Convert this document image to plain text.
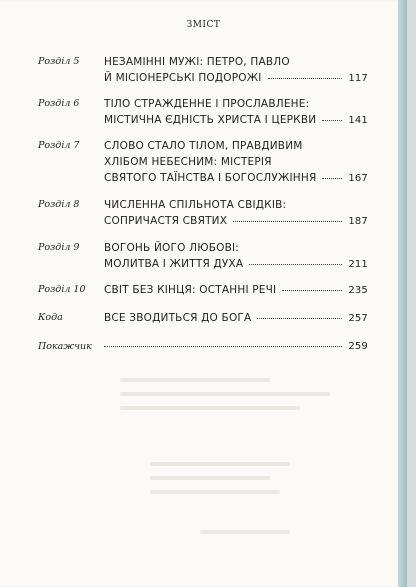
ЗМІСТ
Розділ 5 НЕЗАМІННІ МУЖІ: ПЕТРО, ПАВЛО
Й МІСІОНЕРСЬКІ ПОДОРОЖІ	117
Розділ 6 ТІЛО СТРАЖДЕННЕ І ПРОСЛАВЛЕНЕ:
МІСТИЧНА ЄДНІСТЬ ХРИСТА І ЦЕРКВИ	141
Розділ 7 СЛОВО СТАЛО ТІЛОМ, ПРАВДИВИМ
ХЛІБОМ НЕБЕСНИМ: МІСТЕРІЯ
СВЯТОГО ТАЇНСТВА І БОГОСЛУЖІННЯ	167
Розділ 8 ЧИСЛЕННА СПІЛЬНОТА СВІДКІВ:
СОПРИЧАСТЯ СВЯТИХ	187
Розділ 9 ВОГОНЬ ЙОГО ЛЮБОВІ:
МОЛИТВА І ЖИТТЯ ДУХА	211
Розділ 10 СВІТ БЕЗ КІНЦЯ: ОСТАННІ РЕЧІ	235
Кода	ВСЕ ЗВОДИТЬСЯ ДО БОГА	257
Покажчик	259
